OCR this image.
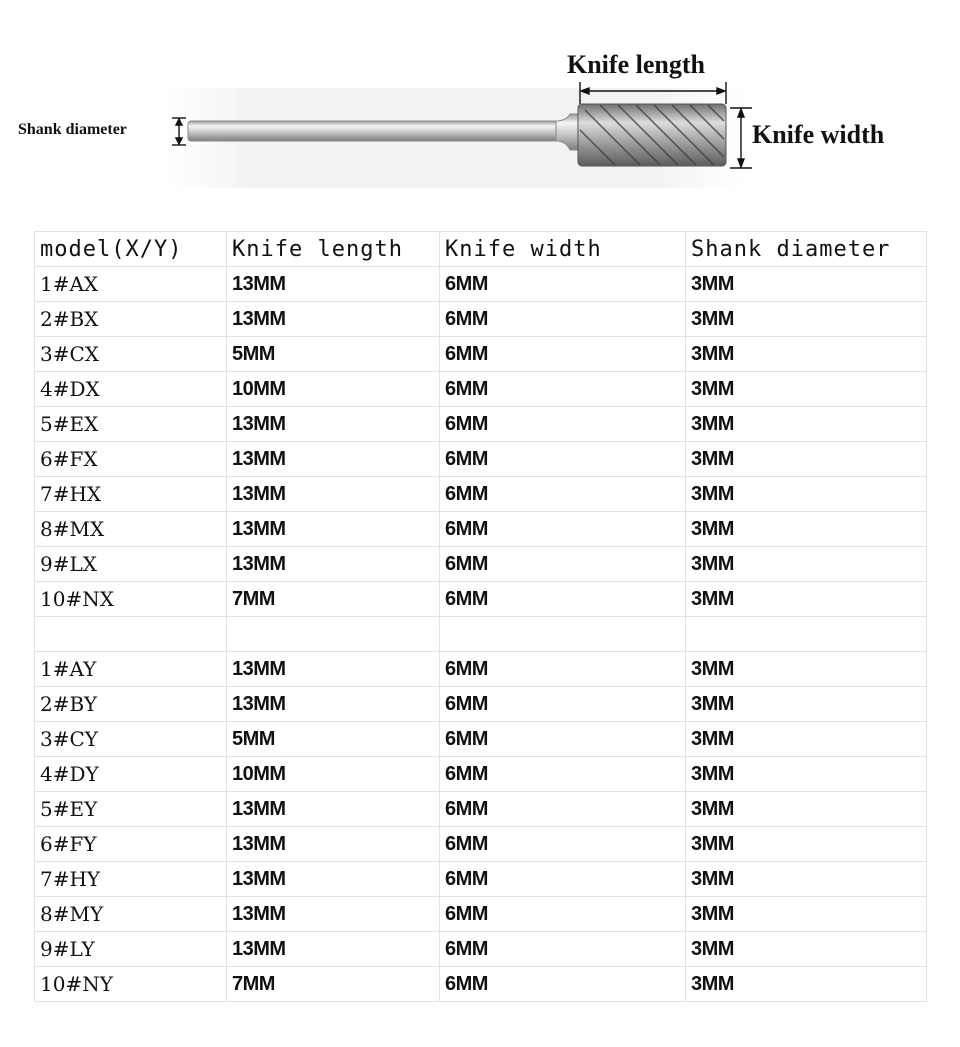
Shank diameter
Knife length
Knife width
model(X/Y)	Knife length	Knife width	Shank diameter
1#AX	13MM	6MM	3MM
2#BX	13MM	6MM	3MM
3#CX	5MM	6MM	3MM
4#DX	10MM	6MM	3MM
5#EX	13MM	6MM	3MM
6#FX	13MM	6MM	3MM
7#HX	13MM	6MM	3MM
8#MX	13MM	6MM	3MM
9#LX	13MM	6MM	3MM
10#NX	7MM	6MM	3MM

1#AY	13MM	6MM	3MM
2#BY	13MM	6MM	3MM
3#CY	5MM	6MM	3MM
4#DY	10MM	6MM	3MM
5#EY	13MM	6MM	3MM
6#FY	13MM	6MM	3MM
7#HY	13MM	6MM	3MM
8#MY	13MM	6MM	3MM
9#LY	13MM	6MM	3MM
10#NY	7MM	6MM	3MM
